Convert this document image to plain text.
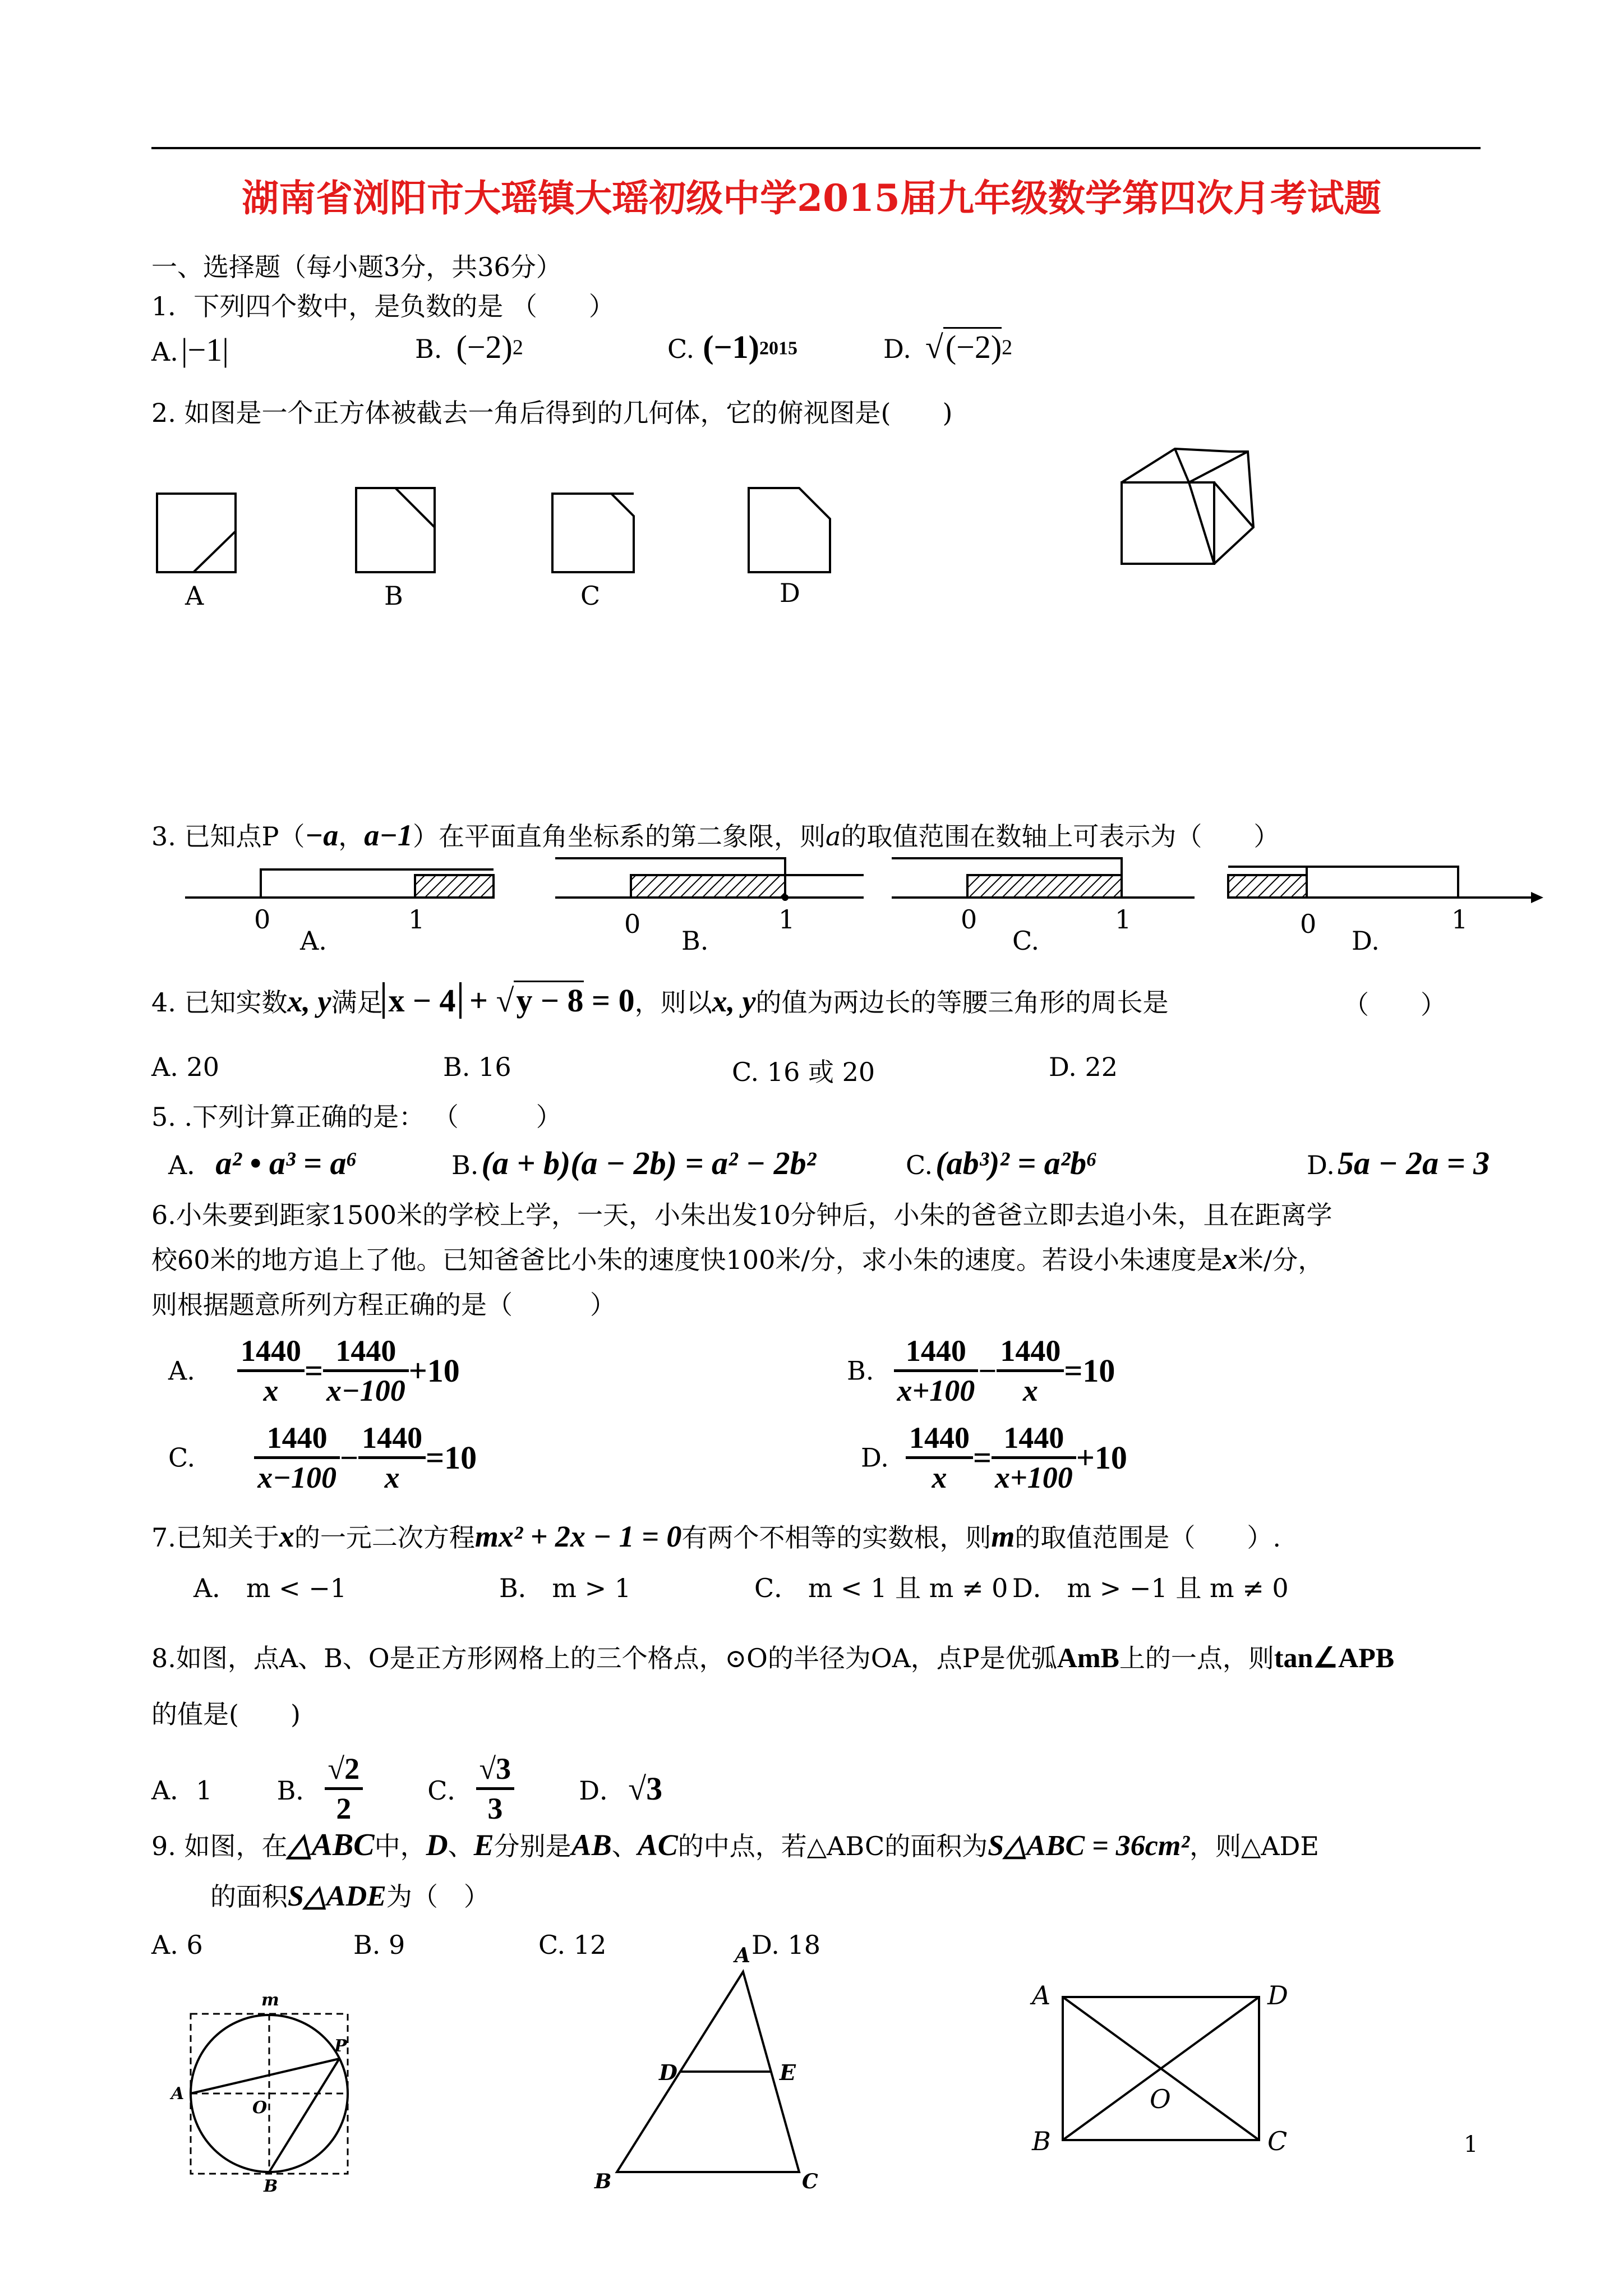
湖南省浏阳市大瑶镇大瑶初级中学2015届九年级数学第四次月考试题
一、选择题（每小题3分，共36分）
1．下列四个数中，是负数的是 （　　）
A. |−1|	B. $(-2)^2$	C. $(-1)^{2015}$	D. $√(-2)^2$
2. 如图是一个正方体被截去一角后得到的几何体，它的俯视图是(　　)
A	B	C	D
3. 已知点P（−a，a−1）在平面直角坐标系的第二象限，则a的取值范围在数轴上可表示为（　　）
0	1	0	1	0	1	0	1
A.	B.	C.	D.
4. 已知实数x, y满足 x − 4 + √y − 8 = 0，则以x, y的值为两边长的等腰三角形的周长是	（　　）
A. 20	B. 16	C. 16 或 20	D. 22
5. .下列计算正确的是： （　　　）
A． a² • a³ = a⁶	B. (a + b)(a − 2b) = a² − 2b²	C. (ab³)² = a²b⁶	D. 5a − 2a = 3
6.小朱要到距家1500米的学校上学，一天，小朱出发10分钟后，小朱的爸爸立即去追小朱，且在距离学
校60米的地方追上了他。已知爸爸比小朱的速度快100米/分，求小朱的速度。若设小朱速度是x米/分，
则根据题意所列方程正确的是（　　　）
A. $\frac{1440}{x} = \frac{1440}{x-100} +10$	B. $\frac{1440}{x+100} - \frac{1440}{x} =10$
C. $\frac{1440}{x-100} - \frac{1440}{x} =10$	D. $\frac{1440}{x} = \frac{1440}{x+100} +10$
7.已知关于x的一元二次方程mx² + 2x − 1 = 0有两个不相等的实数根，则m的取值范围是（　　）.
A． m < −1	B． m > 1	C． m < 1 且 m ≠ 0 D． m > −1 且 m ≠ 0
8.如图，点A、B、O是正方形网格上的三个格点，⊙O的半径为OA，点P是优弧AmB上的一点，则tan∠APB
的值是(　　)
A．1	B． $\frac{√2}{2}$	C． $\frac{√3}{3}$	D． √3
9. 如图，在△ABC中，D、E分别是AB、AC的中点，若△ABC的面积为S△ABC = 36cm²，则△ADE
的面积S△ADE为（　）
A. 6	B. 9	C. 12	D. 18
m
P
A
O
B
A
D	E
B	C
A	D
O
B	C	1
